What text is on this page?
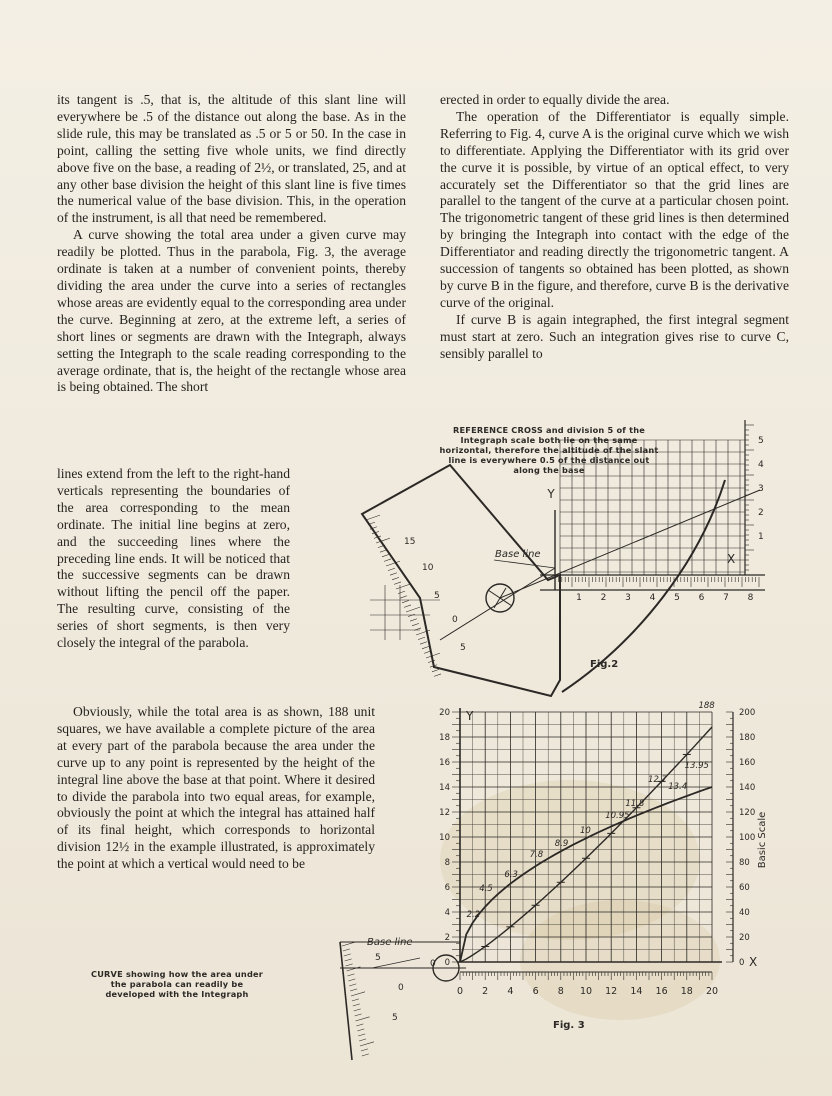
its tangent is .5, that is, the altitude of this slant line will everywhere be .5 of the distance out along the base. As in the slide rule, this may be translated as .5 or 5 or 50. In the case in point, calling the setting five whole units, we find directly above five on the base, a reading of 2½, or translated, 25, and at any other base division the height of this slant line is five times the numerical value of the base division. This, in the operation of the instrument, is all that need be remembered.

A curve showing the total area under a given curve may readily be plotted. Thus in the parabola, Fig. 3, the average ordinate is taken at a number of convenient points, thereby dividing the area under the curve into a series of rectangles whose areas are evidently equal to the corresponding area under the curve. Beginning at zero, at the extreme left, a series of short lines or segments are drawn with the Integraph, always setting the Integraph to the scale reading corresponding to the average ordinate, that is, the height of the rectangle whose area is being obtained. The short

lines extend from the left to the right-hand verticals representing the boundaries of the area corresponding to the mean ordinate. The initial line begins at zero, and the succeeding lines where the preceding line ends. It will be noticed that the successive segments can be drawn without lifting the pencil off the paper. The resulting curve, consisting of the series of short segments, is then very closely the integral of the parabola.

Obviously, while the total area is as shown, 188 unit squares, we have available a complete picture of the area at every part of the parabola because the area under the curve up to any point is represented by the height of the integral line above the base at that point. Where it desired to divide the parabola into two equal areas, for example, obviously the point at which the integral has attained half of its final height, which corresponds to horizontal division 12½ in the example illustrated, is approximately the point at which a vertical would need to be

erected in order to equally divide the area.

The operation of the Differentiator is equally simple. Referring to Fig. 4, curve A is the original curve which we wish to differentiate. Applying the Differentiator with its grid over the curve it is possible, by virtue of an optical effect, to very accurately set the Differentiator so that the grid lines are parallel to the tangent of the curve at a particular chosen point. The trigonometric tangent of these grid lines is then determined by bringing the Integraph into contact with the edge of the Differentiator and reading directly the trigonometric tangent. A succession of tangents so obtained has been plotted, as shown by curve B in the figure, and therefore, curve B is the derivative curve of the original.

If curve B is again integraphed, the first integral segment must start at zero. Such an integration gives rise to curve C, sensibly parallel to

REFERENCE CROSS and division 5 of the Integraph scale both lie on the same horizontal, therefore the altitude of the slant line is everywhere 0.5 of the distance out along the base
1 2 3 4 5 6 7 8
1
2
3
4
5
Y
X
Base line
15
10
5
0
5
Fig.2
20
18
16
14
12
10
8
6
4
2
0
200
180
160
140
120
100
80
60
40
20
0
0 2 4 6 8 10 12 14 16 18 20
Y
X
0
Base line
Basic Scale
5
0
5
2.2
4.5
6.3
7.8
8.9
10
10.95
11.8
12.7
13.4
13.95
188
CURVE showing how the area under the parabola can readily be developed with the Integraph
Fig. 3
